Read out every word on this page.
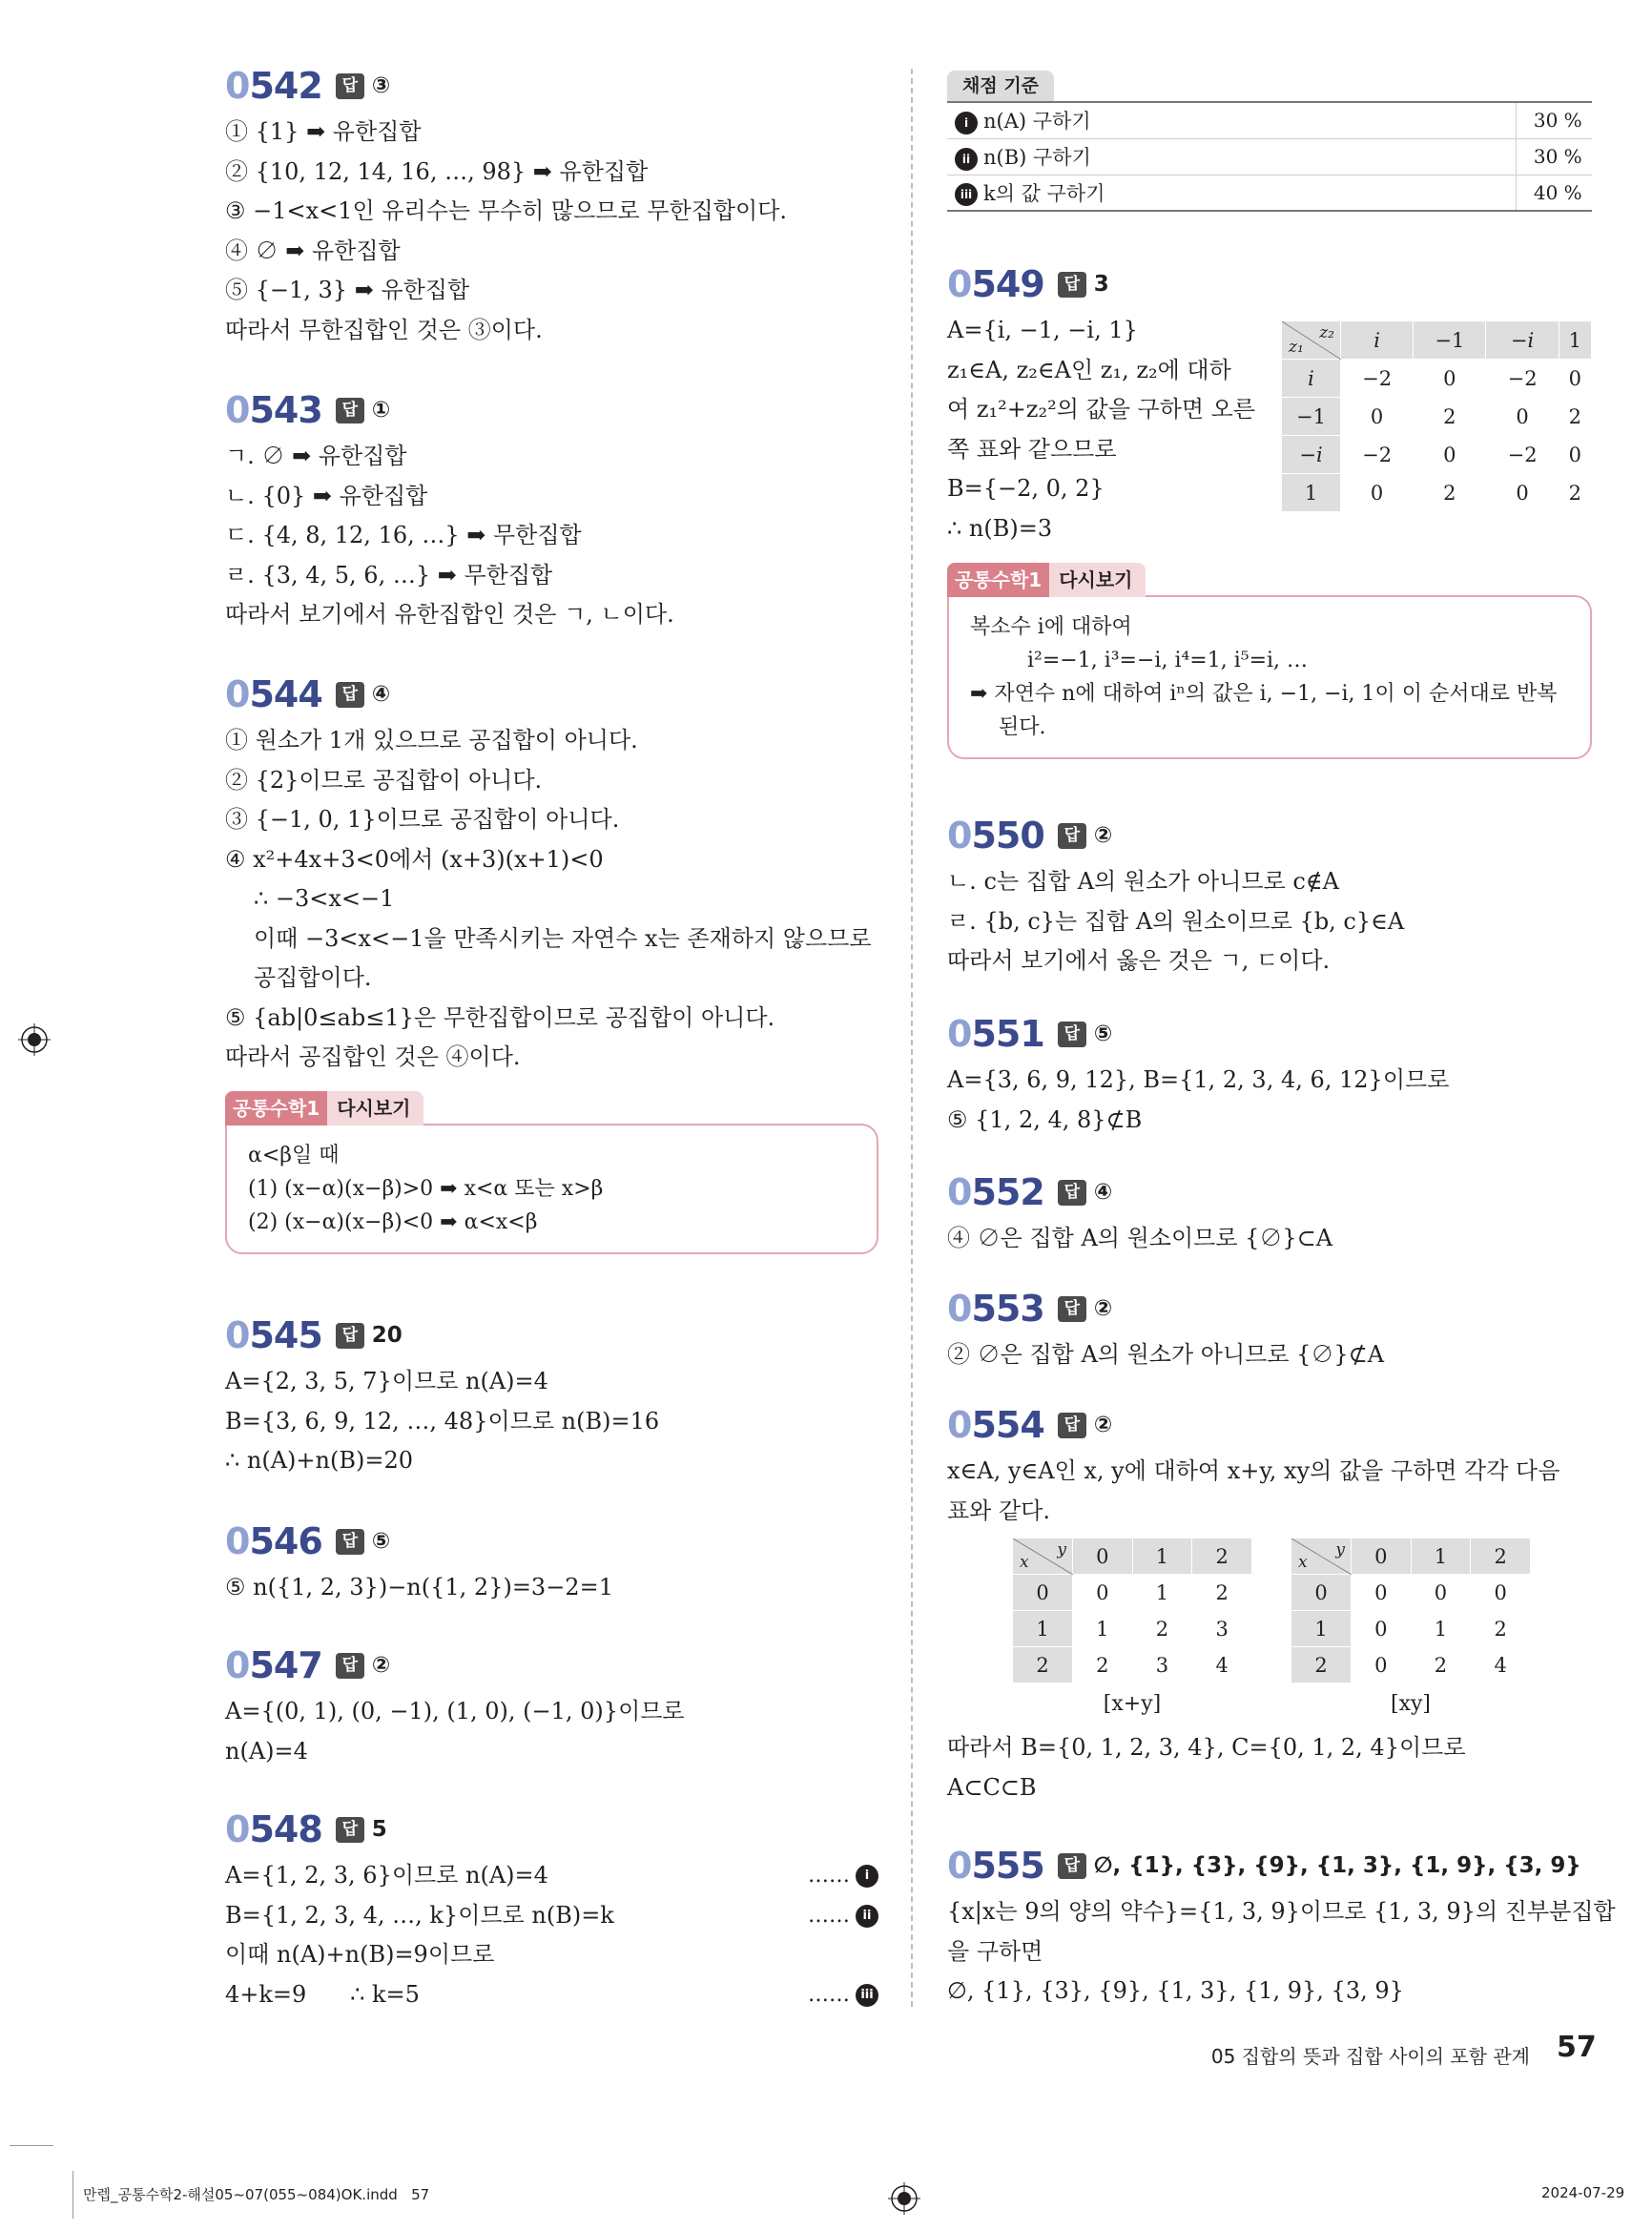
0542	답 ③
① {1} ➡ 유한집합
② {10, 12, 14, 16, …, 98} ➡ 유한집합
③ −1<x<1인 유리수는 무수히 많으므로 무한집합이다.
④ ∅ ➡ 유한집합
⑤ {−1, 3} ➡ 유한집합
따라서 무한집합인 것은 ③이다.
0543	답 ①
ㄱ. ∅ ➡ 유한집합
ㄴ. {0} ➡ 유한집합
ㄷ. {4, 8, 12, 16, …} ➡ 무한집합
ㄹ. {3, 4, 5, 6, …} ➡ 무한집합
따라서 보기에서 유한집합인 것은 ㄱ, ㄴ이다.
0544	답 ④
① 원소가 1개 있으므로 공집합이 아니다.
② {2}이므로 공집합이 아니다.
③ {−1, 0, 1}이므로 공집합이 아니다.
④ x²+4x+3<0에서 (x+3)(x+1)<0
∴ −3<x<−1
이때 −3<x<−1을 만족시키는 자연수 x는 존재하지 않으므로
공집합이다.
⑤ {ab|0≤ab≤1}은 무한집합이므로 공집합이 아니다.
따라서 공집합인 것은 ④이다.
공통수학1 다시보기
α<β일 때
(1) (x−α)(x−β)>0 ➡ x<α 또는 x>β
(2) (x−α)(x−β)<0 ➡ α<x<β
0545	답 20
A={2, 3, 5, 7}이므로 n(A)=4
B={3, 6, 9, 12, …, 48}이므로 n(B)=16
∴ n(A)+n(B)=20
0546	답 ⑤
⑤ n({1, 2, 3})−n({1, 2})=3−2=1
0547	답 ②
A={(0, 1), (0, −1), (1, 0), (−1, 0)}이므로
n(A)=4
0548	답 5
A={1, 2, 3, 6}이므로 n(A)=4	…… i
B={1, 2, 3, 4, …, k}이므로 n(B)=k	…… ii
이때 n(A)+n(B)=9이므로
4+k=9      ∴ k=5	…… iii
채점 기준
i n(A) 구하기	30 %
ii n(B) 구하기	30 %
iii k의 값 구하기	40 %
0549	답 3
A={i, −1, −i, 1}
z₁∈A, z₂∈A인 z₁, z₂에 대하
여 z₁²+z₂²의 값을 구하면 오른
쪽 표와 같으므로
B={−2, 0, 2}
∴ n(B)=3
z₂
z₁	i	−1	−i	1
i	−2	0	−2	0
−1	0	2	0	2
−i	−2	0	−2	0
1	0	2	0	2
공통수학1 다시보기
복소수 i에 대하여
i²=−1, i³=−i, i⁴=1, i⁵=i, …
➡ 자연수 n에 대하여 iⁿ의 값은 i, −1, −i, 1이 이 순서대로 반복
된다.
0550	답 ②
ㄴ. c는 집합 A의 원소가 아니므로 c∉A
ㄹ. {b, c}는 집합 A의 원소이므로 {b, c}∈A
따라서 보기에서 옳은 것은 ㄱ, ㄷ이다.
0551	답 ⑤
A={3, 6, 9, 12}, B={1, 2, 3, 4, 6, 12}이므로
⑤ {1, 2, 4, 8}⊄B
0552	답 ④
④ ∅은 집합 A의 원소이므로 {∅}⊂A
0553	답 ②
② ∅은 집합 A의 원소가 아니므로 {∅}⊄A
0554	답 ②
x∈A, y∈A인 x, y에 대하여 x+y, xy의 값을 구하면 각각 다음
표와 같다.
y
x	0	1	2
0	0	1	2
1	1	2	3
2	2	3	4
[x+y]
y
x	0	1	2
0	0	0	0
1	0	1	2
2	0	2	4
[xy]
따라서 B={0, 1, 2, 3, 4}, C={0, 1, 2, 4}이므로
A⊂C⊂B
0555	답 ∅, {1}, {3}, {9}, {1, 3}, {1, 9}, {3, 9}
{x|x는 9의 양의 약수}={1, 3, 9}이므로 {1, 3, 9}의 진부분집합
을 구하면
∅, {1}, {3}, {9}, {1, 3}, {1, 9}, {3, 9}
05 집합의 뜻과 집합 사이의 포함 관계 57
만렙_공통수학2-해설05~07(055~084)OK.indd   57	2024-07-29
